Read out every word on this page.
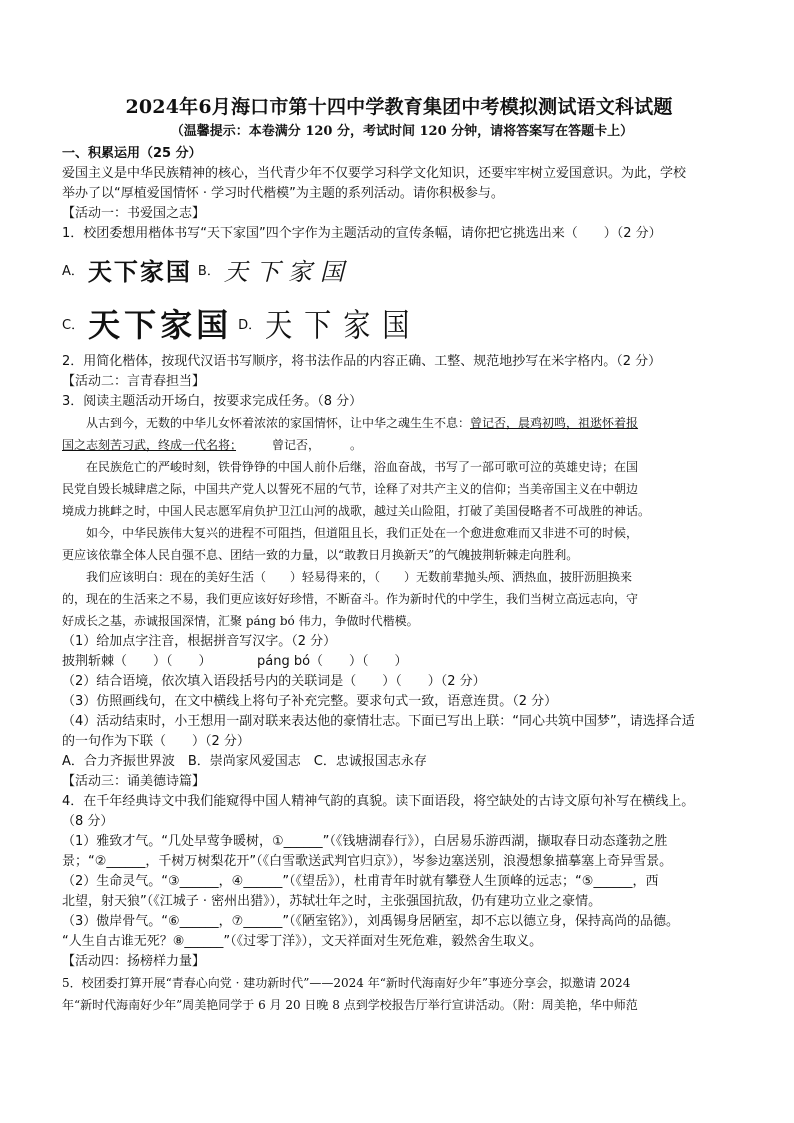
2024年6月海口市第十四中学教育集团中考模拟测试语文科试题
（温馨提示：本卷满分 120 分，考试时间 120 分钟，请将答案写在答题卡上）
一、积累运用（25 分）
爱国主义是中华民族精神的核心，当代青少年不仅要学习科学文化知识，还要牢牢树立爱国意识。为此，学校
举办了以“厚植爱国情怀 · 学习时代楷模”为主题的系列活动。请你积极参与。
【活动一：书爱国之志】
1．校团委想用楷体书写“天下家国”四个字作为主题活动的宣传条幅，请你把它挑选出来（　　）（2 分）
A． 天下家国 B． 天下家国
C． 天下家国 D． 天下家国
2．用简化楷体，按现代汉语书写顺序，将书法作品的内容正确、工整、规范地抄写在米字格内。（2 分）
【活动二：言青春担当】
3．阅读主题活动开场白，按要求完成任务。（8 分）
从古到今，无数的中华儿女怀着浓浓的家国情怀，让中华之魂生生不息：曾记否，晨鸡初鸣，祖逖怀着报
国之志刻苦习武，终成一代名将；　　　曾记否，　　　。
在民族危亡的严峻时刻，铁骨铮铮的中国人前仆后继，浴血奋战，书写了一部可歌可泣的英雄史诗；在国
民党自毁长城肆虐之际，中国共产党人以誓死不屈的气节，诠释了对共产主义的信仰；当美帝国主义在中朝边
境成力挑衅之时，中国人民志愿军肩负护卫江山河的战歌，越过关山险阻，打破了美国侵略者不可战胜的神话。
如今，中华民族伟大复兴的进程不可阻挡，但道阻且长，我们正处在一个愈进愈难而又非进不可的时候，
更应该依靠全体人民自强不息、团结一致的力量，以“敢教日月换新天”的气魄披荆斩棘走向胜利。
我们应该明白：现在的美好生活（　　）轻易得来的，（　　）无数前辈抛头颅、洒热血，披肝沥胆换来
的，现在的生活来之不易，我们更应该好好珍惜，不断奋斗。作为新时代的中学生，我们当树立高远志向，守
好成长之基，赤诚报国深情，汇聚 páng bó 伟力，争做时代楷模。
（1）给加点字注音，根据拼音写汉字。（2 分）
披荆斩棘（　　）（　　）　　　　páng bó（　　）（　　）
（2）结合语境，依次填入语段括号内的关联词是（　　）（　　）（2 分）
（3）仿照画线句，在文中横线上将句子补充完整。要求句式一致，语意连贯。（2 分）
（4）活动结束时，小王想用一副对联来表达他的豪情壮志。下面已写出上联：“同心共筑中国梦”，请选择合适
的一句作为下联（　　）（2 分）
A．合力齐振世界波　B．崇尚家风爱国志　C．忠诚报国志永存
【活动三：诵美德诗篇】
4．在千年经典诗文中我们能窥得中国人精神气韵的真貌。读下面语段，将空缺处的古诗文原句补写在横线上。
（8 分）
（1）雅致才气。“几处早莺争暖树，①______”（《钱塘湖春行》），白居易乐游西湖，撷取春日动态蓬勃之胜
景；“②______，千树万树梨花开”（《白雪歌送武判官归京》），岑参边塞送别，浪漫想象描摹塞上奇异雪景。
（2）生命灵气。“③______，④______”（《望岳》），杜甫青年时就有攀登人生顶峰的远志；“⑤______，西
北望，射天狼”（《江城子 · 密州出猎》），苏轼壮年之时，主张强国抗敌，仍有建功立业之豪情。
（3）傲岸骨气。“⑥______，⑦______”（《陋室铭》），刘禹锡身居陋室，却不忘以德立身，保持高尚的品德。
“人生自古谁无死？⑧______”（《过零丁洋》），文天祥面对生死危难，毅然舍生取义。
【活动四：扬榜样力量】
5．校团委打算开展“青春心向党 · 建功新时代”——2024 年“新时代海南好少年”事迹分享会，拟邀请 2024
年“新时代海南好少年”周美艳同学于 6 月 20 日晚 8 点到学校报告厅举行宣讲活动。（附：周美艳，华中师范
